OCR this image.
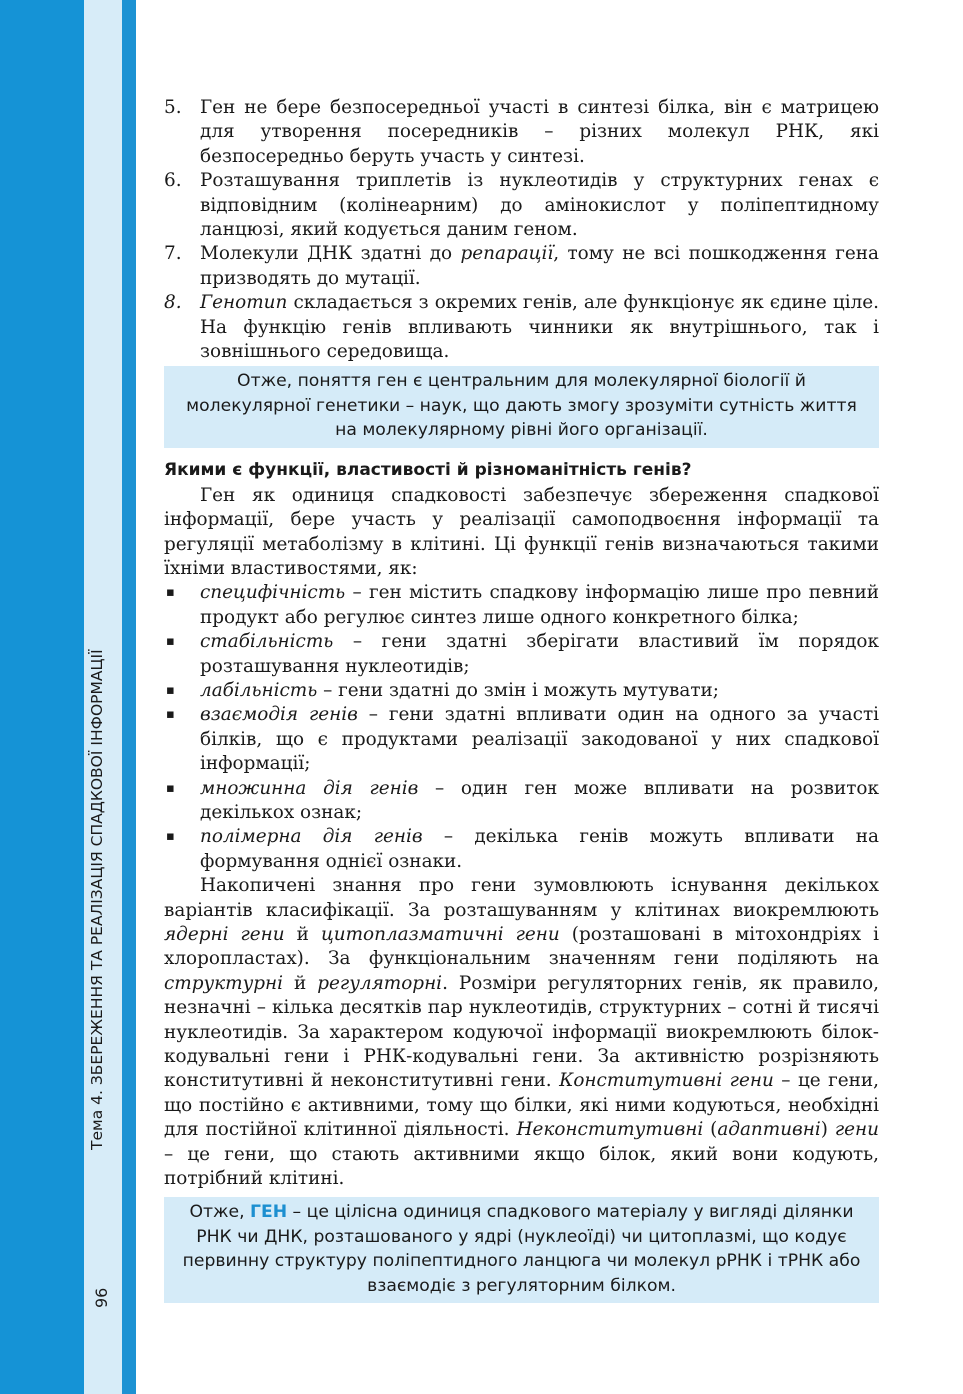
Тема 4. ЗБЕРЕЖЕННЯ ТА РЕАЛІЗАЦІЯ СПАДКОВОЇ ІНФОРМАЦІЇ
96
5. Ген не бере безпосередньої участі в синтезі білка, він є матрицею для утворення посередників – різних молекул РНК, які безпосередньо беруть участь у синтезі.
6. Розташування триплетів із нуклеотидів у структурних генах є відповідним (колінеарним) до амінокислот у поліпептидному ланцюзі, який кодується даним геном.
7. Молекули ДНК здатні до репарації, тому не всі пошкодження гена призводять до мутації.
8. Генотип складається з окремих генів, але функціонує як єдине ціле. На функцію генів впливають чинники як внутрішнього, так і зовнішнього середовища.
Отже, поняття ген є центральним для молекулярної біології й молекулярної генетики – наук, що дають змогу зрозуміти сутність життя на молекулярному рівні його організації.
Якими є функції, властивості й різноманітність генів?

Ген як одиниця спадковості забезпечує збереження спадкової інформації, бере участь у реалізації самоподвоєння інформації та регуляції метаболізму в клітині. Ці функції генів визначаються такими їхніми властивостями, як:

▪ специфічність – ген містить спадкову інформацію лише про певний продукт або регулює синтез лише одного конкретного білка;
▪ стабільність – гени здатні зберігати властивий їм порядок розташування нуклеотидів;
▪ лабільність – гени здатні до змін і можуть мутувати;
▪ взаємодія генів – гени здатні впливати один на одного за участі білків, що є продуктами реалізації закодованої у них спадкової інформації;
▪ множинна дія генів – один ген може впливати на розвиток декількох ознак;
▪ полімерна дія генів – декілька генів можуть впливати на формування однієї ознаки.

Накопичені знання про гени зумовлюють існування декількох варіантів класифікації. За розташуванням у клітинах виокремлюють ядерні гени й цитоплазматичні гени (розташовані в мітохондріях і хлоропластах). За функціональним значенням гени поділяють на структурні й регуляторні. Розміри регуляторних генів, як правило, незначні – кілька десятків пар нуклеотидів, структурних – сотні й тисячі нуклеотидів. За характером кодуючої інформації виокремлюють білок-кодувальні гени і РНК-кодувальні гени. За активністю розрізняють конститутивні й неконститутивні гени. Конститутивні гени – це гени, що постійно є активними, тому що білки, які ними кодуються, необхідні для постійної клітинної діяльності. Неконститутивні (адаптивні) гени – це гени, що стають активними якщо білок, який вони кодують, потрібний клітині.

Отже, ГЕН – це цілісна одиниця спадкового матеріалу у вигляді ділянки РНК чи ДНК, розташованого у ядрі (нуклеоїді) чи цитоплазмі, що кодує первинну структуру поліпептидного ланцюга чи молекул рРНК і тРНК або взаємодіє з регуляторним білком.
